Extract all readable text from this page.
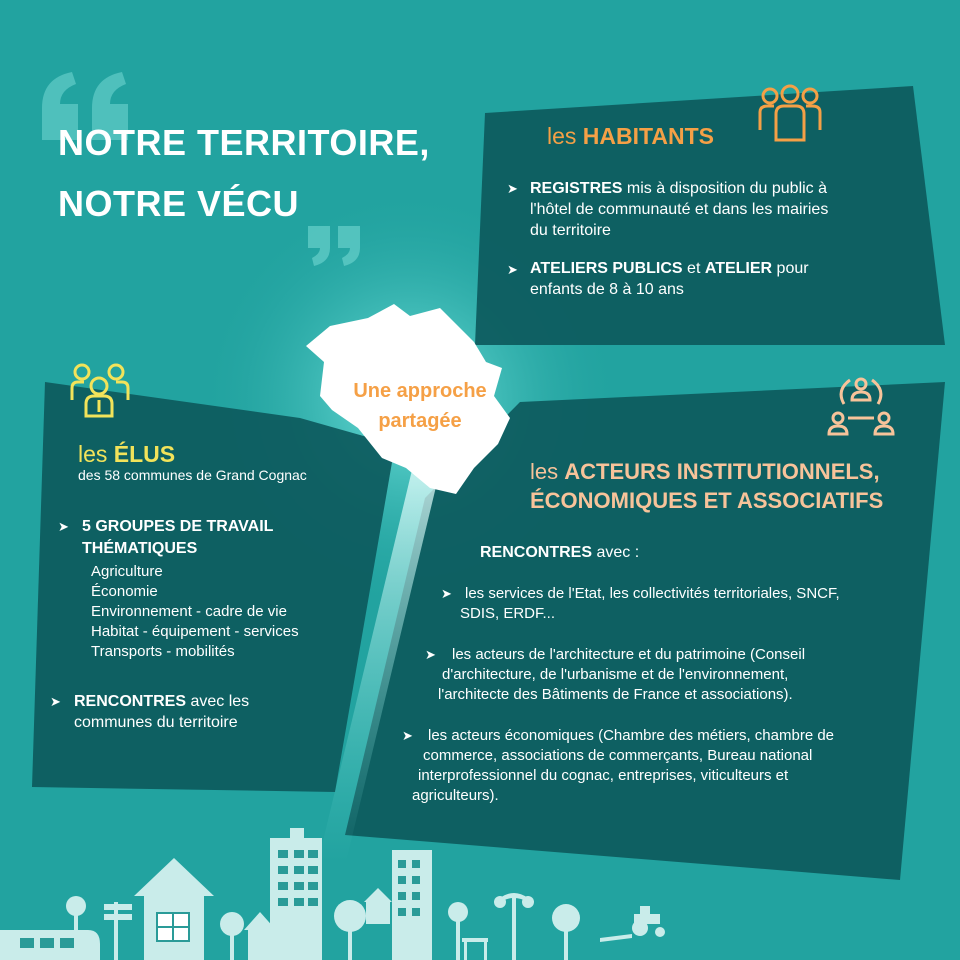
NOTRE TERRITOIRE,
NOTRE VÉCU
Une approche
partagée
les HABITANTS
➤ REGISTRES mis à disposition du public à
l'hôtel de communauté et dans les mairies
du territoire
➤ ATELIERS PUBLICS et ATELIER pour
enfants de 8 à 10 ans
les ÉLUS
des 58 communes de Grand Cognac
➤ 5 GROUPES DE TRAVAIL
THÉMATIQUES
Agriculture
Économie
Environnement - cadre de vie
Habitat - équipement - services
Transports - mobilités
➤ RENCONTRES avec les
communes du territoire
les ACTEURS INSTITUTIONNELS,
ÉCONOMIQUES ET ASSOCIATIFS
RENCONTRES avec :
➤ les services de l'Etat, les collectivités territoriales, SNCF,
SDIS, ERDF...
➤ les acteurs de l'architecture et du patrimoine (Conseil
d'architecture, de l'urbanisme et de l'environnement,
l'architecte des Bâtiments de France et associations).
➤ les acteurs économiques (Chambre des métiers, chambre de
commerce, associations de commerçants, Bureau national
interprofessionnel du cognac, entreprises, viticulteurs et
agriculteurs).
